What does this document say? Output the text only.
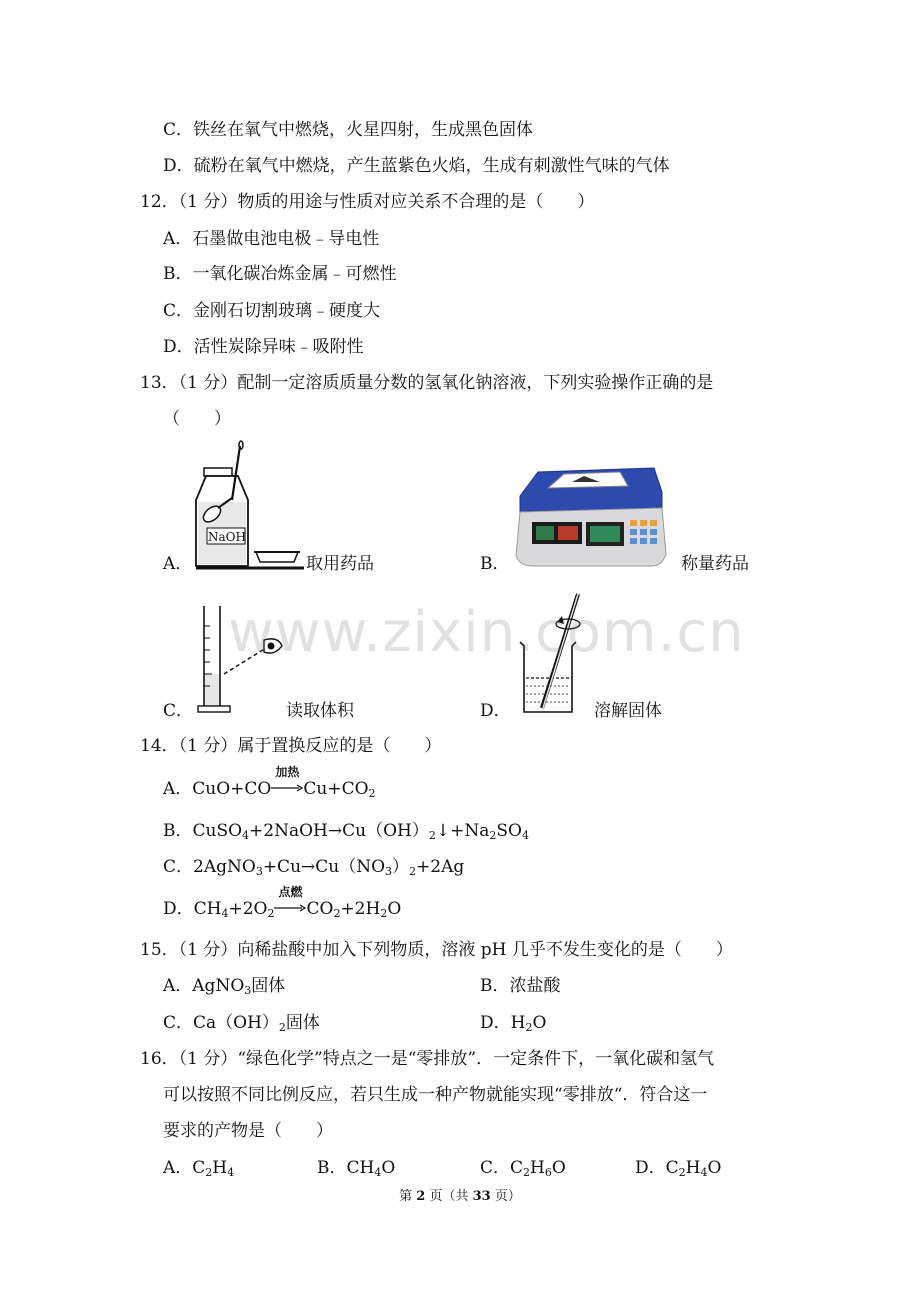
C．铁丝在氧气中燃烧，火星四射，生成黑色固体
D．硫粉在氧气中燃烧，产生蓝紫色火焰，生成有刺激性气味的气体
12．（1 分）物质的用途与性质对应关系不合理的是（　　）
A．石墨做电池电极﹣导电性
B．一氧化碳冶炼金属﹣可燃性
C．金刚石切割玻璃﹣硬度大
D．活性炭除异味﹣吸附性
13．（1 分）配制一定溶质质量分数的氢氧化钠溶液，下列实验操作正确的是
（　　）
A．
NaOH
取用药品	B．	称量药品
C．	读取体积	D．	溶解固体
www.zixin.com.cn
14．（1 分）属于置换反应的是（　　）
A．CuO+CO
加热
$Cu+CO_2$
B．$CuSO_4+2NaOH\to Cu(OH)_2↓+Na_2SO_4$
C．$2AgNO_3+Cu\to Cu(NO_3)_2+2Ag$
D．$CH_4+2O_2$
点燃
$CO_2+2H_2O$
15．（1 分）向稀盐酸中加入下列物质，溶液 pH 几乎不发生变化的是（　　）
A．AgNO$_3$固体	B．浓盐酸
C．$Ca(OH)_2$固体	D．$H_2O$
16．（1 分）“绿色化学”特点之一是“零排放”．一定条件下，一氧化碳和氢气
可以按照不同比例反应，若只生成一种产物就能实现“零排放“．符合这一
要求的产物是（　　）
A．$C_2H_4$	B．$CH_4O$	C．$C_2H_6O$	D．$C_2H_4O$
第 2 页（共 33 页）
